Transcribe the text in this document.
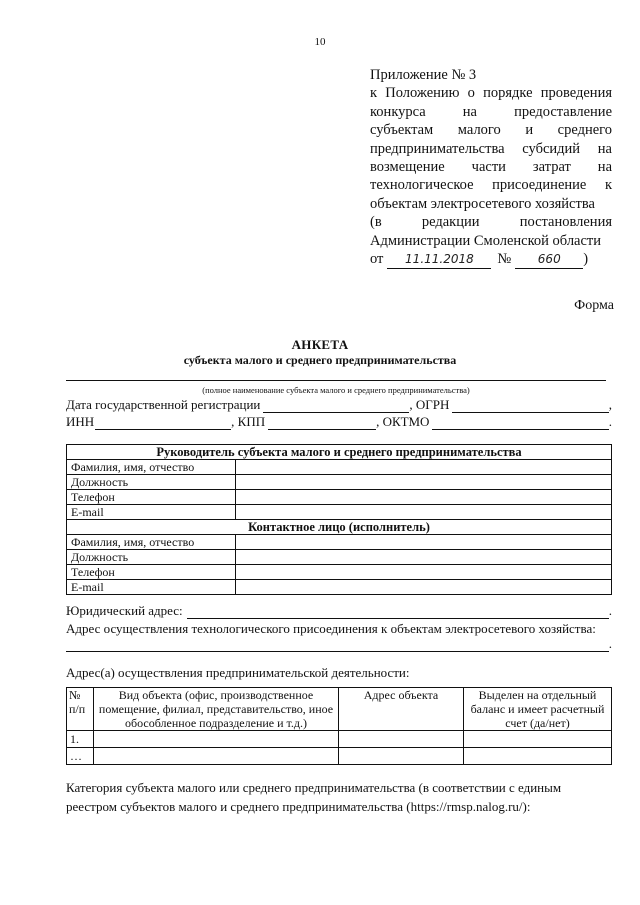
10
Приложение № 3
к Положению о порядке проведения
конкурса на предоставление
субъектам малого и среднего
предпринимательства субсидий на
возмещение части затрат на
технологическое присоединение к
объектам электросетевого хозяйства
(в редакции постановления
Администрации Смоленской области
от	11.11.2018	№	660	)
Форма
АНКЕТА
субъекта малого и среднего предпринимательства
(полное наименование субъекта малого и среднего предпринимательства)
Дата государственной регистрации	, ОГРН	,
ИНН	, КПП	, ОКТМО	.
Руководитель субъекта малого и среднего предпринимательства	
Фамилия, имя, отчество	
Должность	
Телефон	
E-mail	
Контактное лицо (исполнитель)	
Фамилия, имя, отчество	
Должность	
Телефон	
E-mail	
Юридический адрес:	.
Адрес осуществления технологического присоединения к объектам электросетевого хозяйства:
.
Адрес(а) осуществления предпринимательской деятельности:
№ п/п	Вид объекта (офис, производственное помещение, филиал, представительство, иное обособленное подразделение и т.д.)	Адрес объекта	Выделен на отдельный баланс и имеет расчетный счет (да/нет)
1.			
…			
Категория субъекта малого или среднего предпринимательства (в соответствии с единым реестром субъектов малого и среднего предпринимательства (https://rmsp.nalog.ru/):
